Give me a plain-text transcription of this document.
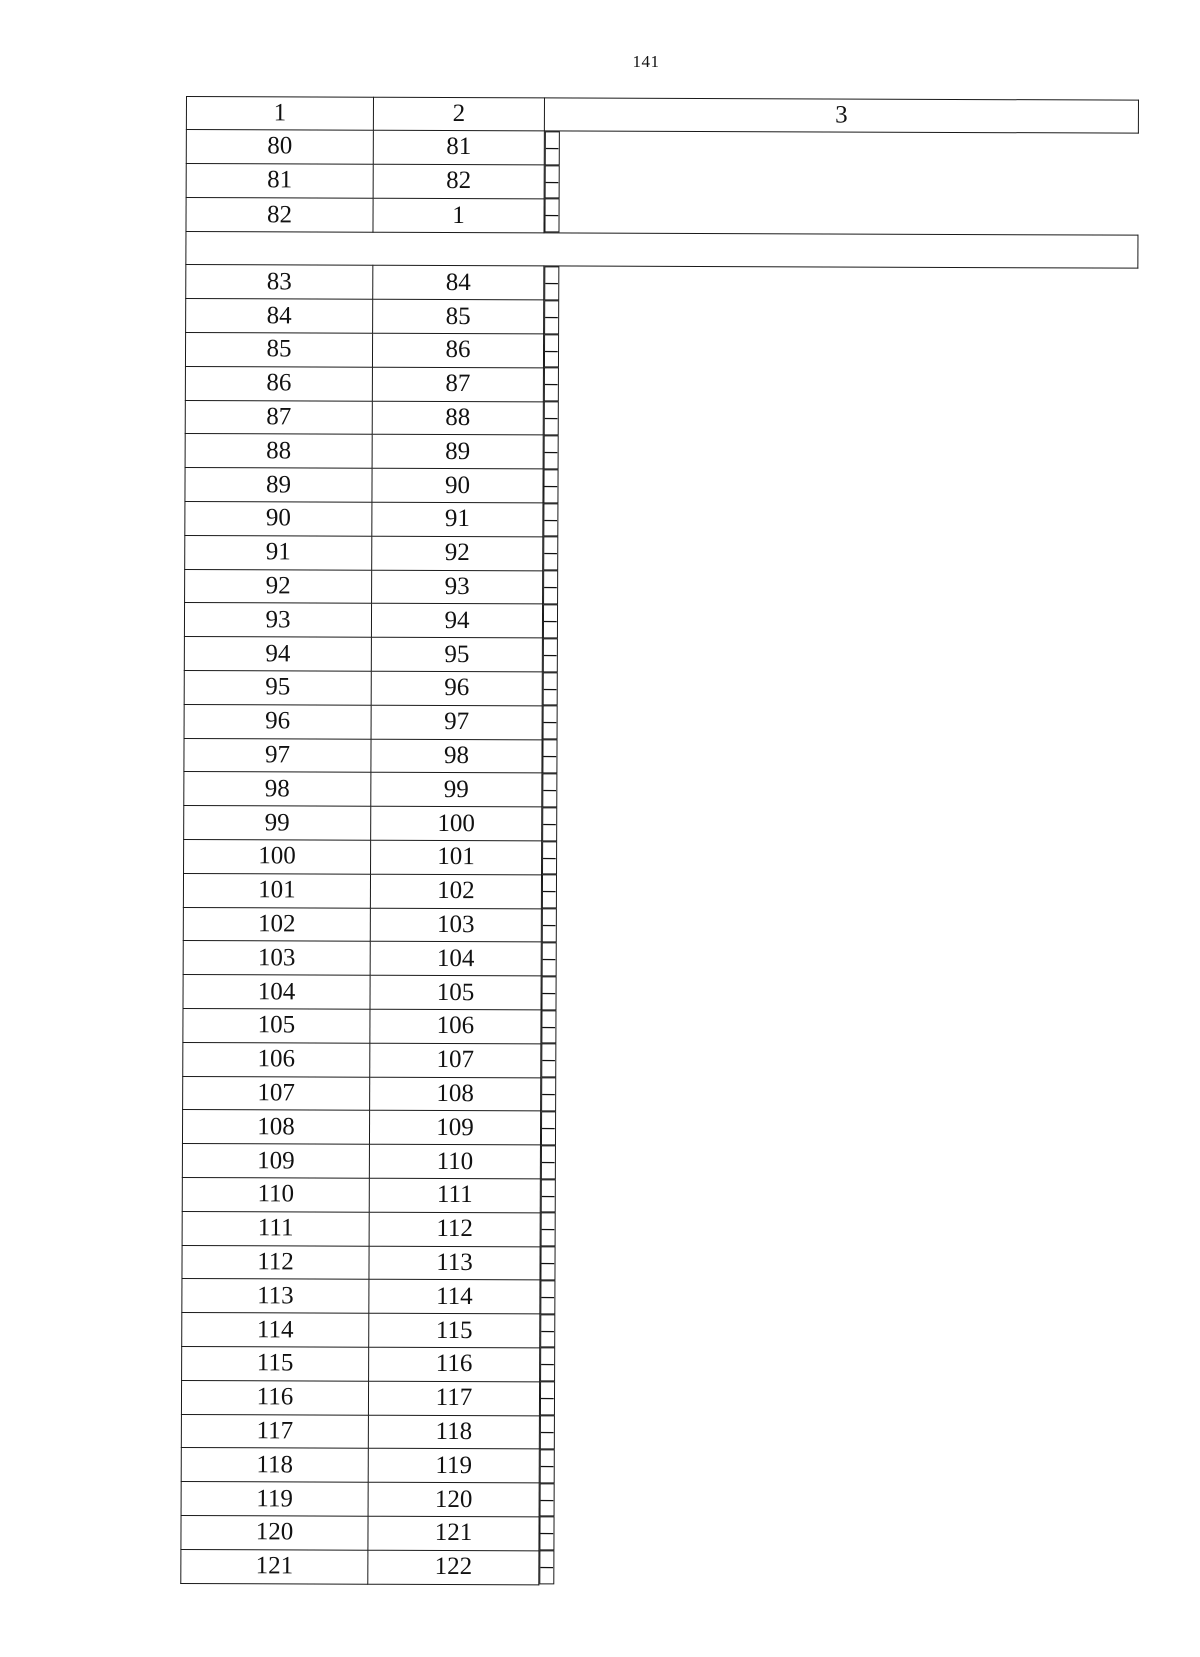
141
1	2	3
80	81		–
81	82		–
82	1		–

83	84		–
84	85		–
85	86		–
86	87		–
87	88		–
88	89		–
89	90		–
90	91		–
91	92		–
92	93		–
93	94		–
94	95		–
95	96		–
96	97		–
97	98		–
98	99		–
99	100		–
100	101		–
101	102		–
102	103		–
103	104		–
104	105		–
105	106		–
106	107		–
107	108		–
108	109		–
109	110		–
110	111		–
111	112		–
112	113		–
113	114		–
114	115		–
115	116		–
116	117		–
117	118		–
118	119		–
119	120		–
120	121		–
121	122		–
